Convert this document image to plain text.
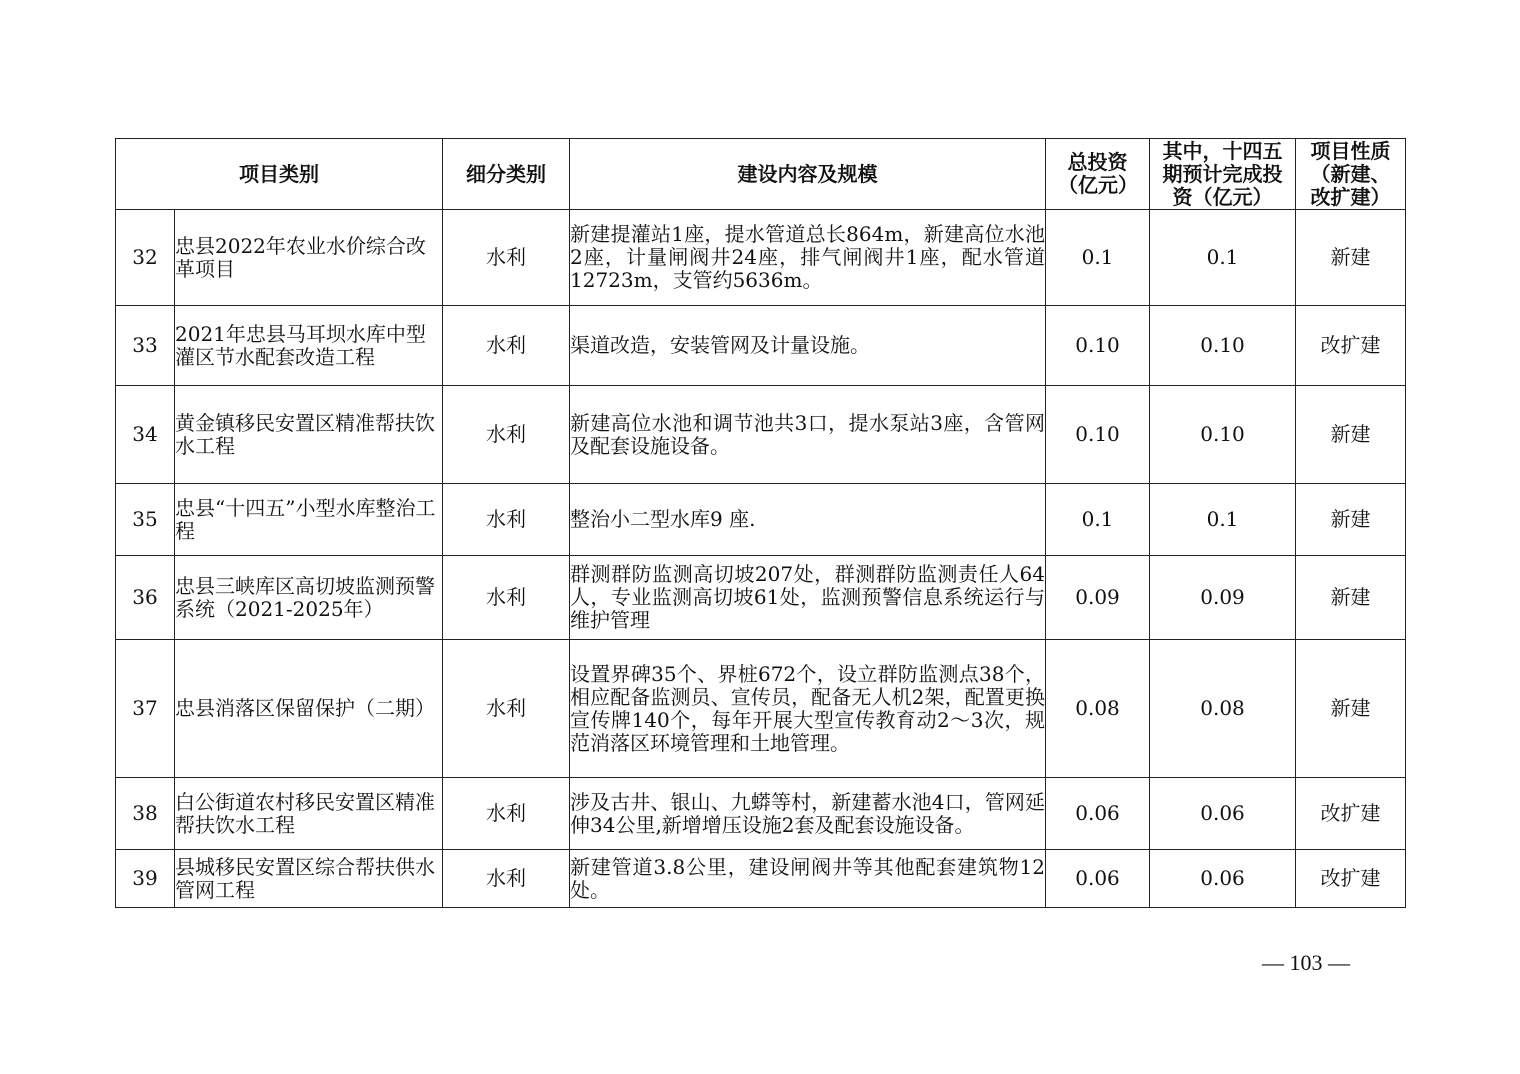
项目类别		细分类别	建设内容及规模	总投资（亿元）	其中，十四五期预计完成投资（亿元）	项目性质（新建、改扩建）
32	忠县2022年农业水价综合改革项目	水利	新建提灌站1座，提水管道总长864m，新建高位水池2座，计量闸阀井24座，排气闸阀井1座，配水管道12723m，支管约5636m。	0.1	0.1	新建
33	2021年忠县马耳坝水库中型灌区节水配套改造工程	水利	渠道改造，安装管网及计量设施。	0.10	0.10	改扩建
34	黄金镇移民安置区精准帮扶饮水工程	水利	新建高位水池和调节池共3口，提水泵站3座，含管网及配套设施设备。	0.10	0.10	新建
35	忠县“十四五”小型水库整治工程	水利	整治小二型水库9 座.	0.1	0.1	新建
36	忠县三峡库区高切坡监测预警系统（2021-2025年）	水利	群测群防监测高切坡207处，群测群防监测责任人64人，专业监测高切坡61处，监测预警信息系统运行与维护管理	0.09	0.09	新建
37	忠县消落区保留保护（二期）	水利	设置界碑35个、界桩672个，设立群防监测点38个，相应配备监测员、宣传员，配备无人机2架，配置更换宣传牌140个，每年开展大型宣传教育动2～3次，规范消落区环境管理和土地管理。	0.08	0.08	新建
38	白公街道农村移民安置区精准帮扶饮水工程	水利	涉及古井、银山、九蟒等村，新建蓄水池4口，管网延伸34公里,新增增压设施2套及配套设施设备。	0.06	0.06	改扩建
39	县城移民安置区综合帮扶供水管网工程	水利	新建管道3.8公里，建设闸阀井等其他配套建筑物12处。	0.06	0.06	改扩建
— 103 —
